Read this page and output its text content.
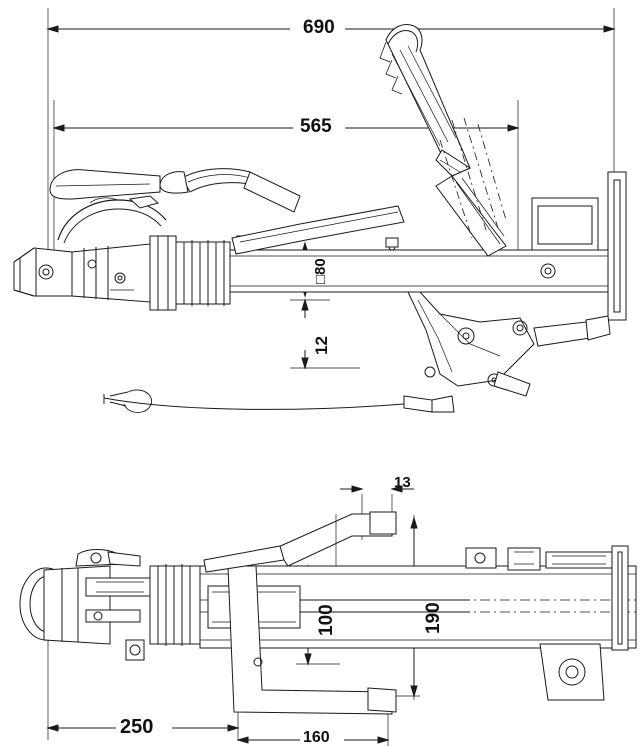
690
565
□80
12
13
190
100
250	160
